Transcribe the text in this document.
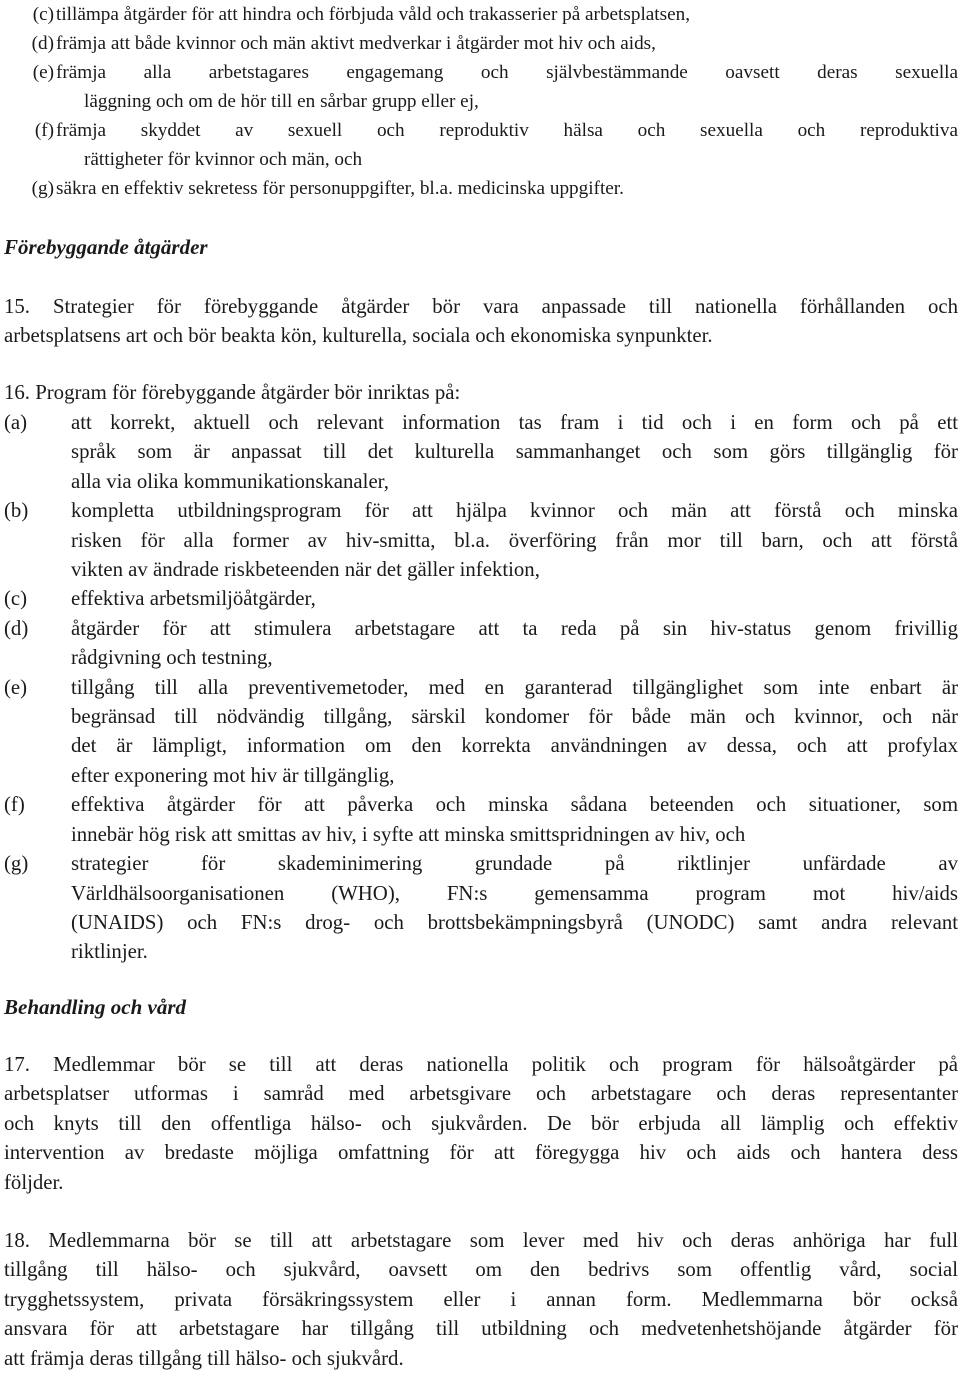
(c) tillämpa åtgärder för att hindra och förbjuda våld och trakasserier på arbetsplatsen,
(d) främja att både kvinnor och män aktivt medverkar i åtgärder mot hiv och aids,
(e) främja alla arbetstagares engagemang och självbestämmande oavsett deras sexuella
läggning och om de hör till en sårbar grupp eller ej,
(f) främja skyddet av sexuell och reproduktiv hälsa och sexuella och reproduktiva
rättigheter för kvinnor och män, och
(g) säkra en effektiv sekretess för personuppgifter, bl.a. medicinska uppgifter.
Förebyggande åtgärder
15. Strategier för förebyggande åtgärder bör vara anpassade till nationella förhållanden och
arbetsplatsens art och bör beakta kön, kulturella, sociala och ekonomiska synpunkter.
16. Program för förebyggande åtgärder bör inriktas på:
(a)	att korrekt, aktuell och relevant information tas fram i tid och i en form och på ett
språk som är anpassat till det kulturella sammanhanget och som görs tillgänglig för
alla via olika kommunikationskanaler,
(b)	kompletta utbildningsprogram för att hjälpa kvinnor och män att förstå och minska
risken för alla former av hiv-smitta, bl.a. överföring från mor till barn, och att förstå
vikten av ändrade riskbeteenden när det gäller infektion,
(c)	effektiva arbetsmiljöåtgärder,
(d)	åtgärder för att stimulera arbetstagare att ta reda på sin hiv-status genom frivillig
rådgivning och testning,
(e)	tillgång till alla preventivemetoder, med en garanterad tillgänglighet som inte enbart är
begränsad till nödvändig tillgång, särskil kondomer för både män och kvinnor, och när
det är lämpligt, information om den korrekta användningen av dessa, och att profylax
efter exponering mot hiv är tillgänglig,
(f)	effektiva åtgärder för att påverka och minska sådana beteenden och situationer, som
innebär hög risk att smittas av hiv, i syfte att minska smittspridningen av hiv, och
(g)	strategier för skademinimering grundade på riktlinjer unfärdade av
Världhälsoorganisationen (WHO), FN:s gemensamma program mot hiv/aids
(UNAIDS) och FN:s drog- och brottsbekämpningsbyrå (UNODC) samt andra relevant
riktlinjer.
Behandling och vård
17. Medlemmar bör se till att deras nationella politik och program för hälsoåtgärder på
arbetsplatser utformas i samråd med arbetsgivare och arbetstagare och deras representanter
och knyts till den offentliga hälso- och sjukvården. De bör erbjuda all lämplig och effektiv
intervention av bredaste möjliga omfattning för att föregygga hiv och aids och hantera dess
följder.
18. Medlemmarna bör se till att arbetstagare som lever med hiv och deras anhöriga har full
tillgång till hälso- och sjukvård, oavsett om den bedrivs som offentlig vård, social
trygghetssystem, privata försäkringssystem eller i annan form. Medlemmarna bör också
ansvara för att arbetstagare har tillgång till utbildning och medvetenhetshöjande åtgärder för
att främja deras tillgång till hälso- och sjukvård.
